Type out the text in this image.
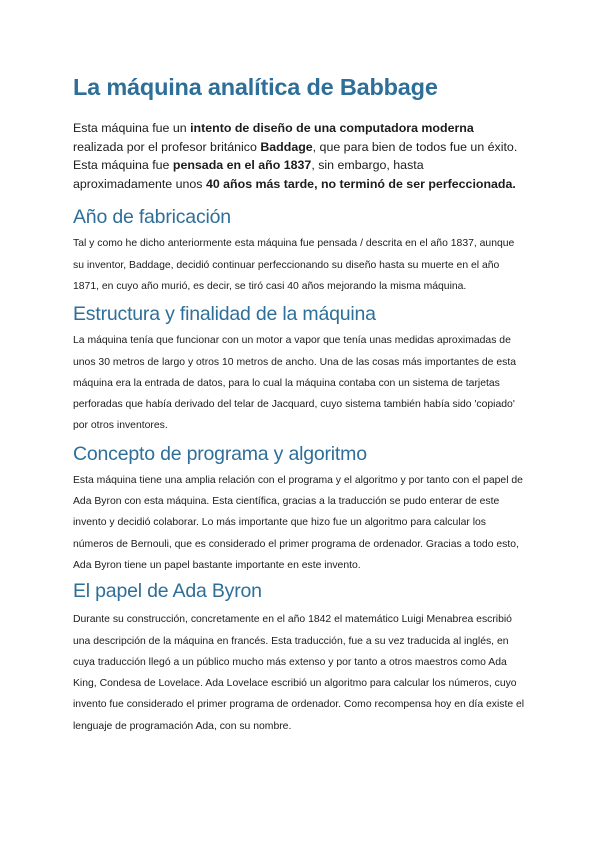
La máquina analítica de Babbage

Esta máquina fue un intento de diseño de una computadora moderna realizada por el profesor británico Baddage, que para bien de todos fue un éxito. Esta máquina fue pensada en el año 1837, sin embargo, hasta aproximadamente unos 40 años más tarde, no terminó de ser perfeccionada.

Año de fabricación

Tal y como he dicho anteriormente esta máquina fue pensada / descrita en el año 1837, aunque su inventor, Baddage, decidió continuar perfeccionando su diseño hasta su muerte en el año 1871, en cuyo año murió, es decir, se tiró casi 40 años mejorando la misma máquina.

Estructura y finalidad de la máquina

La máquina tenía que funcionar con un motor a vapor que tenía unas medidas aproximadas de unos 30 metros de largo y otros 10 metros de ancho. Una de las cosas más importantes de esta máquina era la entrada de datos, para lo cual la máquina contaba con un sistema de tarjetas perforadas que había derivado del telar de Jacquard, cuyo sistema también había sido 'copiado' por otros inventores.

Concepto de programa y algoritmo

Esta máquina tiene una amplia relación con el programa y el algoritmo y por tanto con el papel de Ada Byron con esta máquina. Esta científica, gracias a la traducción se pudo enterar de este invento y decidió colaborar. Lo más importante que hizo fue un algoritmo para calcular los números de Bernouli, que es considerado el primer programa de ordenador. Gracias a todo esto, Ada Byron tiene un papel bastante importante en este invento.

El papel de Ada Byron

Durante su construcción, concretamente en el año 1842 el matemático Luigi Menabrea escribió una descripción de la máquina en francés. Esta traducción, fue a su vez traducida al inglés, en cuya traducción llegó a un público mucho más extenso y por tanto a otros maestros como Ada King, Condesa de Lovelace. Ada Lovelace escribió un algoritmo para calcular los números, cuyo invento fue considerado el primer programa de ordenador. Como recompensa hoy en día existe el lenguaje de programación Ada, con su nombre.
